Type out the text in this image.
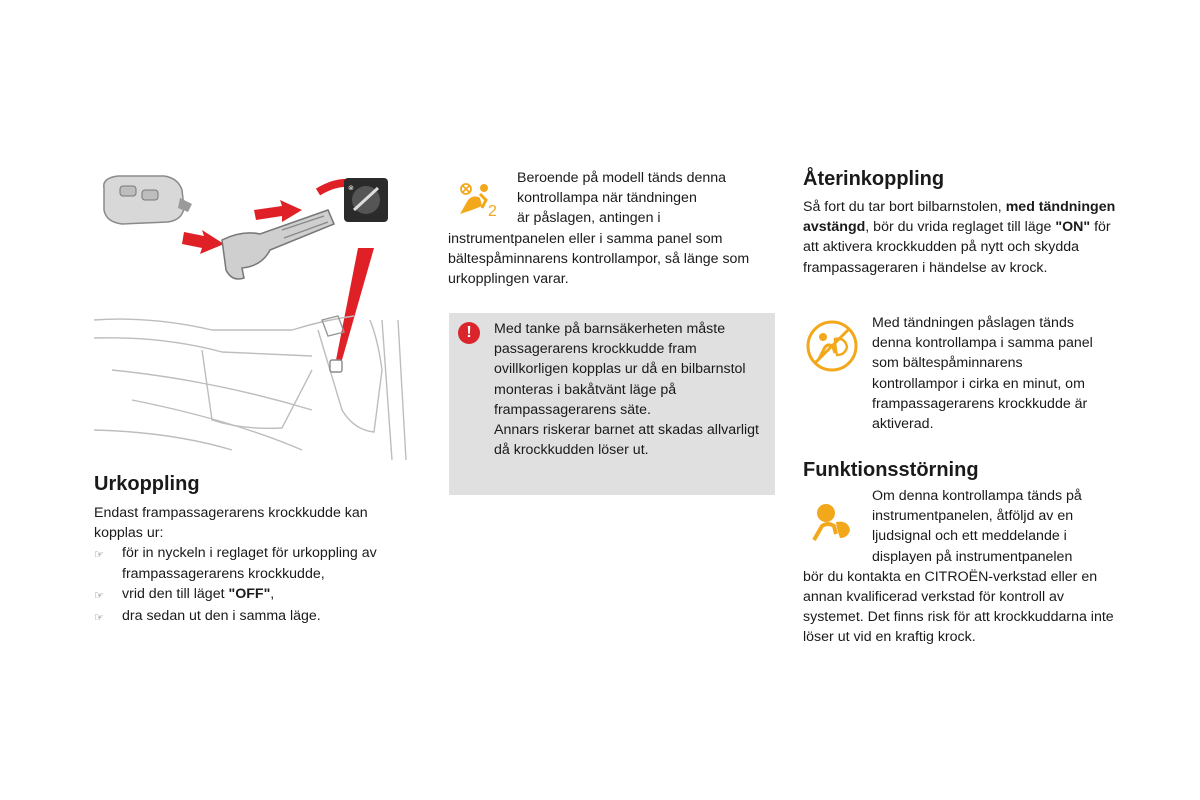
⊗
Urkoppling
Endast frampassagerarens krockkudde kan kopplas ur:
☞	för in nyckeln i reglaget för urkoppling av frampassagerarens krockkudde,
☞	vrid den till läget "OFF",
☞	dra sedan ut den i samma läge.
2
Beroende på modell tänds denna
kontrollampa när tändningen
är påslagen, antingen i
instrumentpanelen eller i samma panel som bältespåminnarens kontrollampor, så länge som urkopplingen varar.
!	Med tanke på barnsäkerheten måste passagerarens krockkudde fram ovillkorligen kopplas ur då en bilbarnstol monteras i bakåtvänt läge på frampassagerarens säte.
Annars riskerar barnet att skadas allvarligt då krockkudden löser ut.
Återinkoppling
Så fort du tar bort bilbarnstolen, med tändningen avstängd, bör du vrida reglaget till läge "ON" för att aktivera krockkudden på nytt och skydda frampassageraren i händelse av krock.
Med tändningen påslagen tänds denna kontrollampa i samma panel som bältespåminnarens kontrollampor i cirka en minut, om frampassagerarens krockkudde är aktiverad.
Funktionsstörning
Om denna kontrollampa tänds på
instrumentpanelen, åtföljd av en
ljudsignal och ett meddelande i
displayen på instrumentpanelen
bör du kontakta en CITROËN-verkstad eller en annan kvalificerad verkstad för kontroll av systemet. Det finns risk för att krockkuddarna inte löser ut vid en kraftig krock.
